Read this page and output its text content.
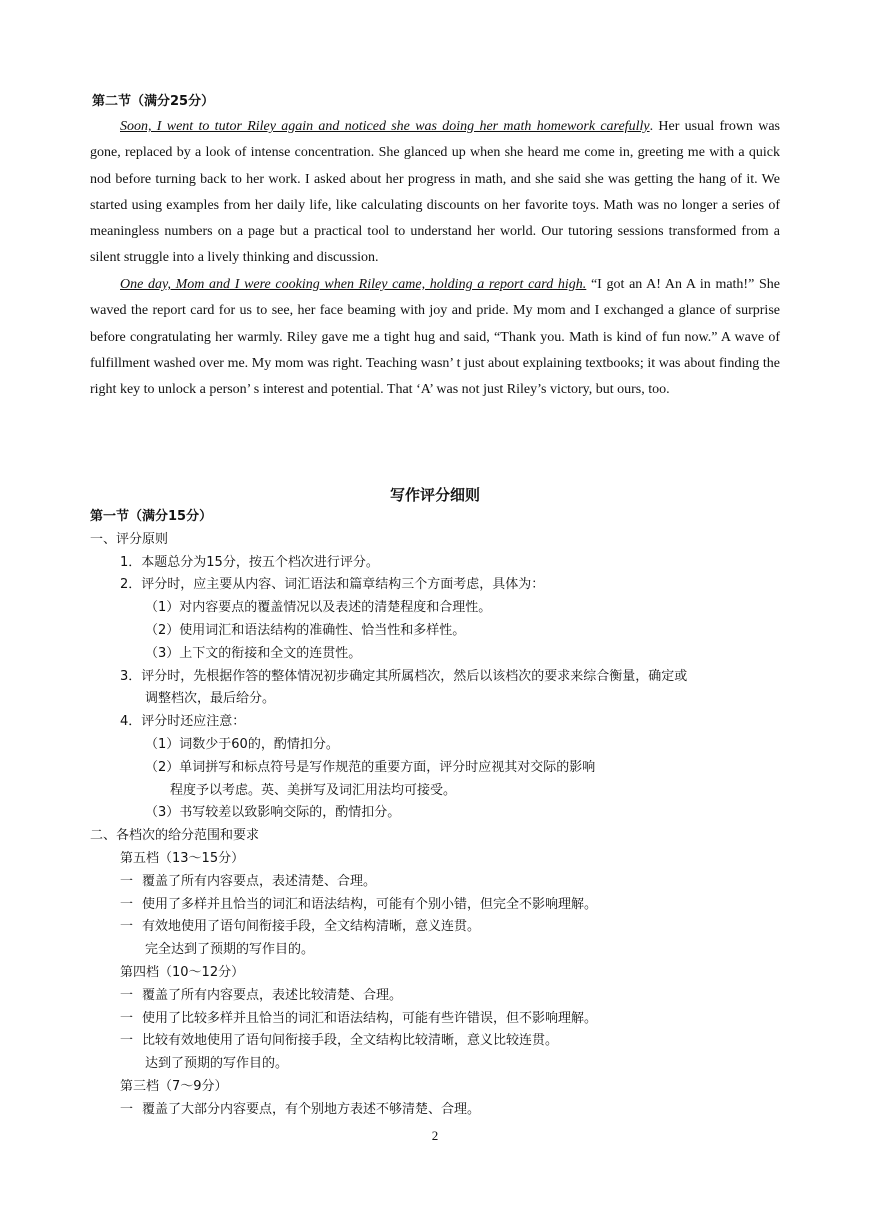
第二节（满分25分）

Soon, I went to tutor Riley again and noticed she was doing her math homework carefully. Her usual frown was gone, replaced by a look of intense concentration. She glanced up when she heard me come in, greeting me with a quick nod before turning back to her work. I asked about her progress in math, and she said she was getting the hang of it. We started using examples from her daily life, like calculating discounts on her favorite toys. Math was no longer a series of meaningless numbers on a page but a practical tool to understand her world. Our tutoring sessions transformed from a silent struggle into a lively thinking and discussion.

One day, Mom and I were cooking when Riley came, holding a report card high. “I got an A! An A in math!” She waved the report card for us to see, her face beaming with joy and pride. My mom and I exchanged a glance of surprise before congratulating her warmly. Riley gave me a tight hug and said, “Thank you. Math is kind of fun now.” A wave of fulfillment washed over me. My mom was right. Teaching wasn’ t just about explaining textbooks; it was about finding the right key to unlock a person’ s interest and potential. That ‘A’ was not just Riley’s victory, but ours, too.

写作评分细则
第一节（满分15分）
一、评分原则
1．本题总分为15分，按五个档次进行评分。
2．评分时，应主要从内容、词汇语法和篇章结构三个方面考虑，具体为：
（1）对内容要点的覆盖情况以及表述的清楚程度和合理性。
（2）使用词汇和语法结构的准确性、恰当性和多样性。
（3）上下文的衔接和全文的连贯性。
3．评分时，先根据作答的整体情况初步确定其所属档次，然后以该档次的要求来综合衡量，确定或
调整档次，最后给分。
4．评分时还应注意：
（1）词数少于60的，酌情扣分。
（2）单词拼写和标点符号是写作规范的重要方面，评分时应视其对交际的影响
程度予以考虑。英、美拼写及词汇用法均可接受。
（3）书写较差以致影响交际的，酌情扣分。
二、各档次的给分范围和要求
第五档（13～15分）
一 覆盖了所有内容要点，表述清楚、合理。
一 使用了多样并且恰当的词汇和语法结构，可能有个别小错，但完全不影响理解。
一 有效地使用了语句间衔接手段，全文结构清晰，意义连贯。
完全达到了预期的写作目的。
第四档（10～12分）
一 覆盖了所有内容要点，表述比较清楚、合理。
一 使用了比较多样并且恰当的词汇和语法结构，可能有些许错误，但不影响理解。
一 比较有效地使用了语句间衔接手段，全文结构比较清晰，意义比较连贯。
达到了预期的写作目的。
第三档（7～9分）
一 覆盖了大部分内容要点，有个别地方表述不够清楚、合理。
2
